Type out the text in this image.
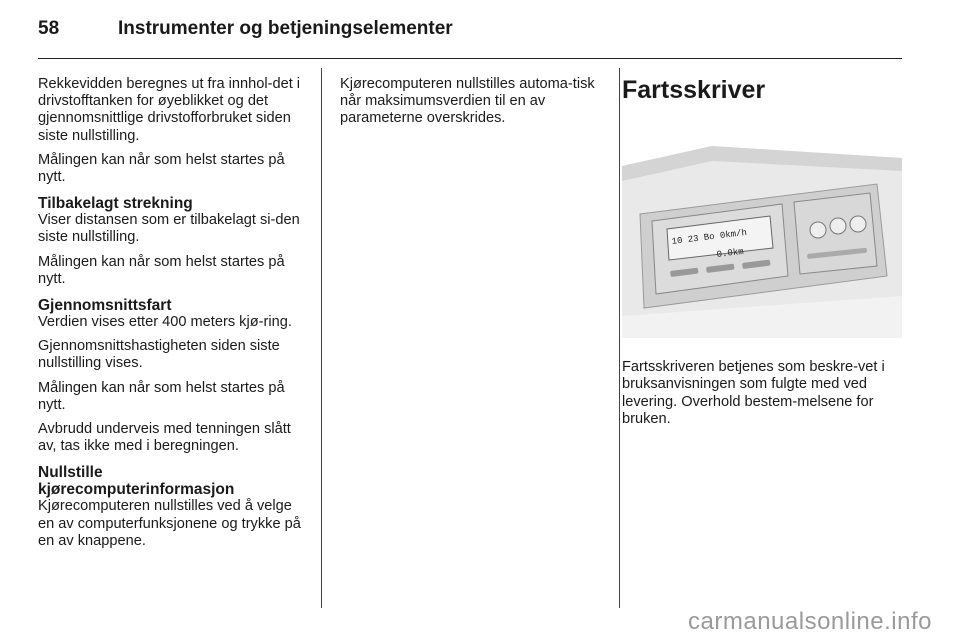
58	Instrumenter og betjeningselementer

Rekkevidden beregnes ut fra innhol-det i drivstofftanken for øyeblikket og det gjennomsnittlige drivstofforbruket siden siste nullstilling.

Målingen kan når som helst startes på nytt.

Tilbakelagt strekning

Viser distansen som er tilbakelagt si-den siste nullstilling.

Målingen kan når som helst startes på nytt.

Gjennomsnittsfart

Verdien vises etter 400 meters kjø-ring.

Gjennomsnittshastigheten siden siste nullstilling vises.

Målingen kan når som helst startes på nytt.

Avbrudd underveis med tenningen slått av, tas ikke med i beregningen.

Nullstille kjørecomputerinformasjon

Kjørecomputeren nullstilles ved å velge en av computerfunksjonene og trykke på en av knappene.

Kjørecomputeren nullstilles automa-tisk når maksimumsverdien til en av parameterne overskrides.

Fartsskriver
10 23 Bo 0km/h
0.0km

Fartsskriveren betjenes som beskre-vet i bruksanvisningen som fulgte med ved levering. Overhold bestem-melsene for bruken.

carmanualsonline.info
